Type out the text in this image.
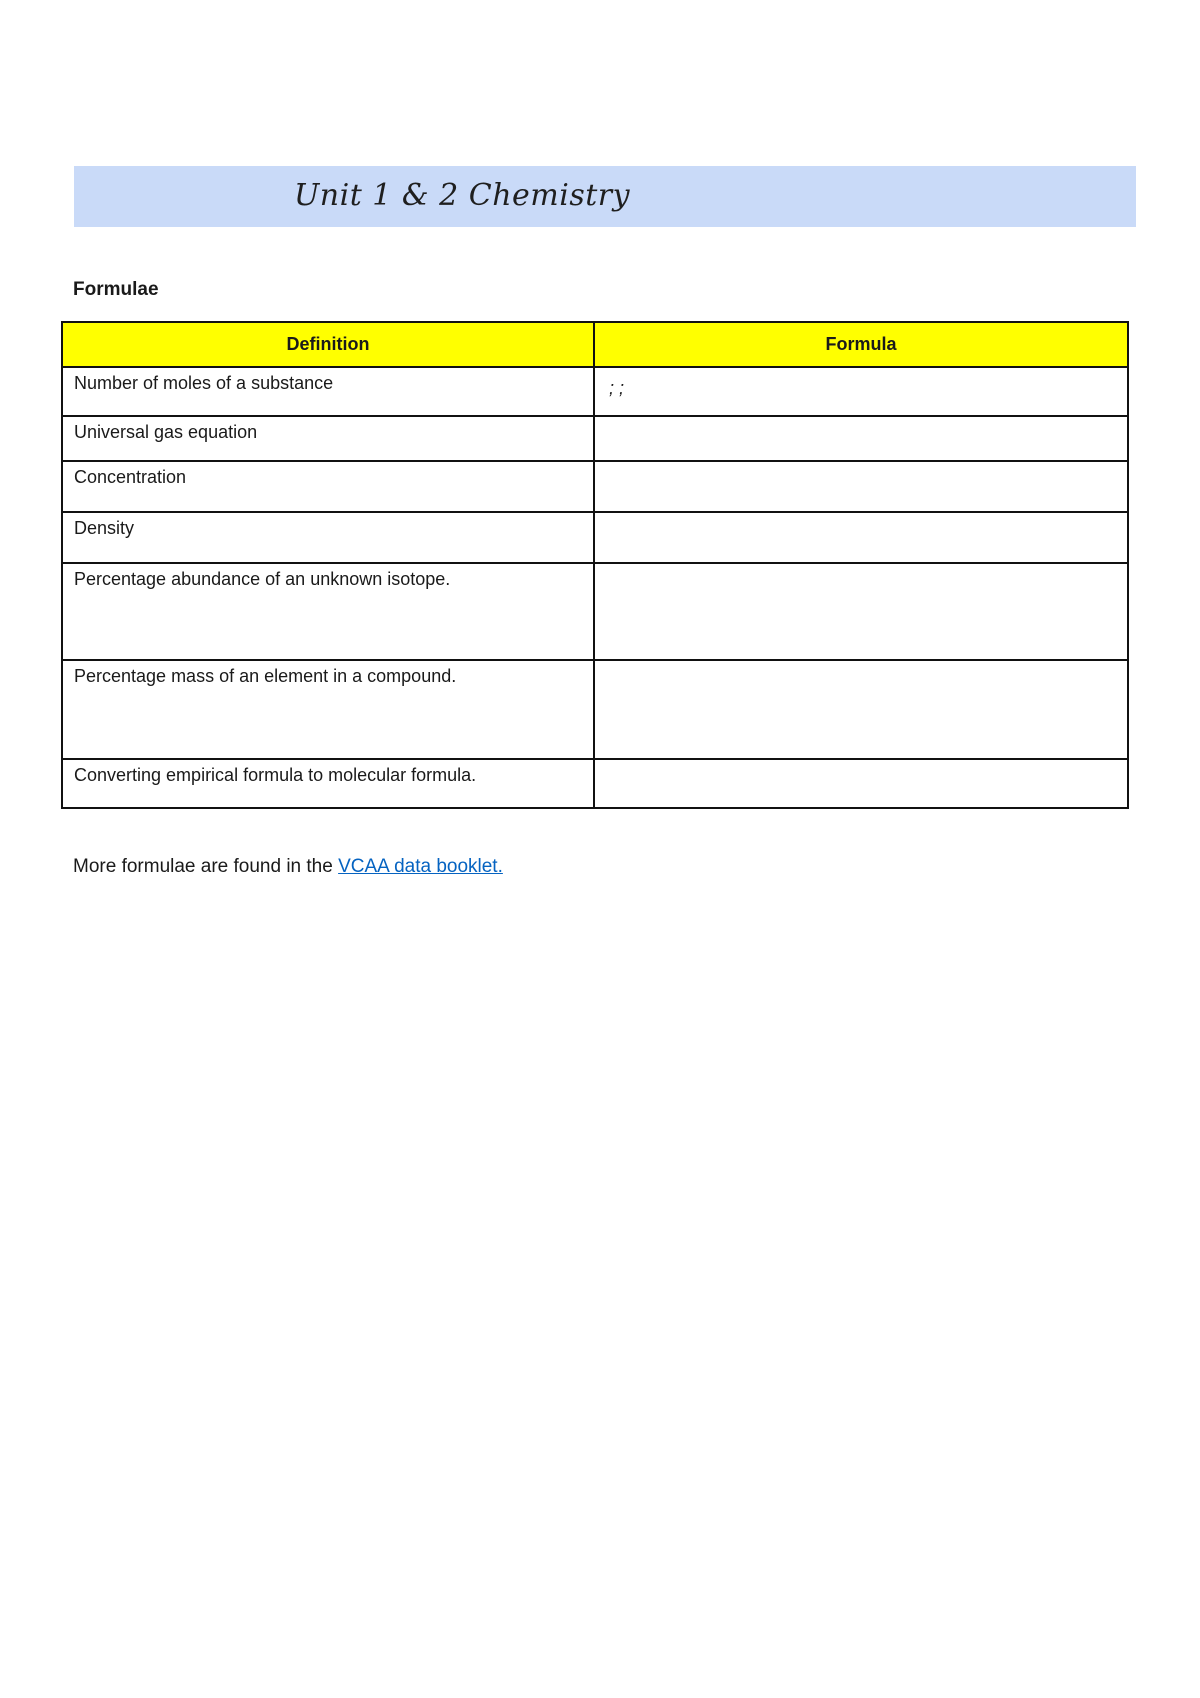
Unit 1 & 2 Chemistry
Formulae
Definition	Formula
Number of moles of a substance	; ;
Universal gas equation	
Concentration	
Density	
Percentage abundance of an unknown isotope.	
Percentage mass of an element in a compound.	
Converting empirical formula to molecular formula.	
More formulae are found in the VCAA data booklet.
